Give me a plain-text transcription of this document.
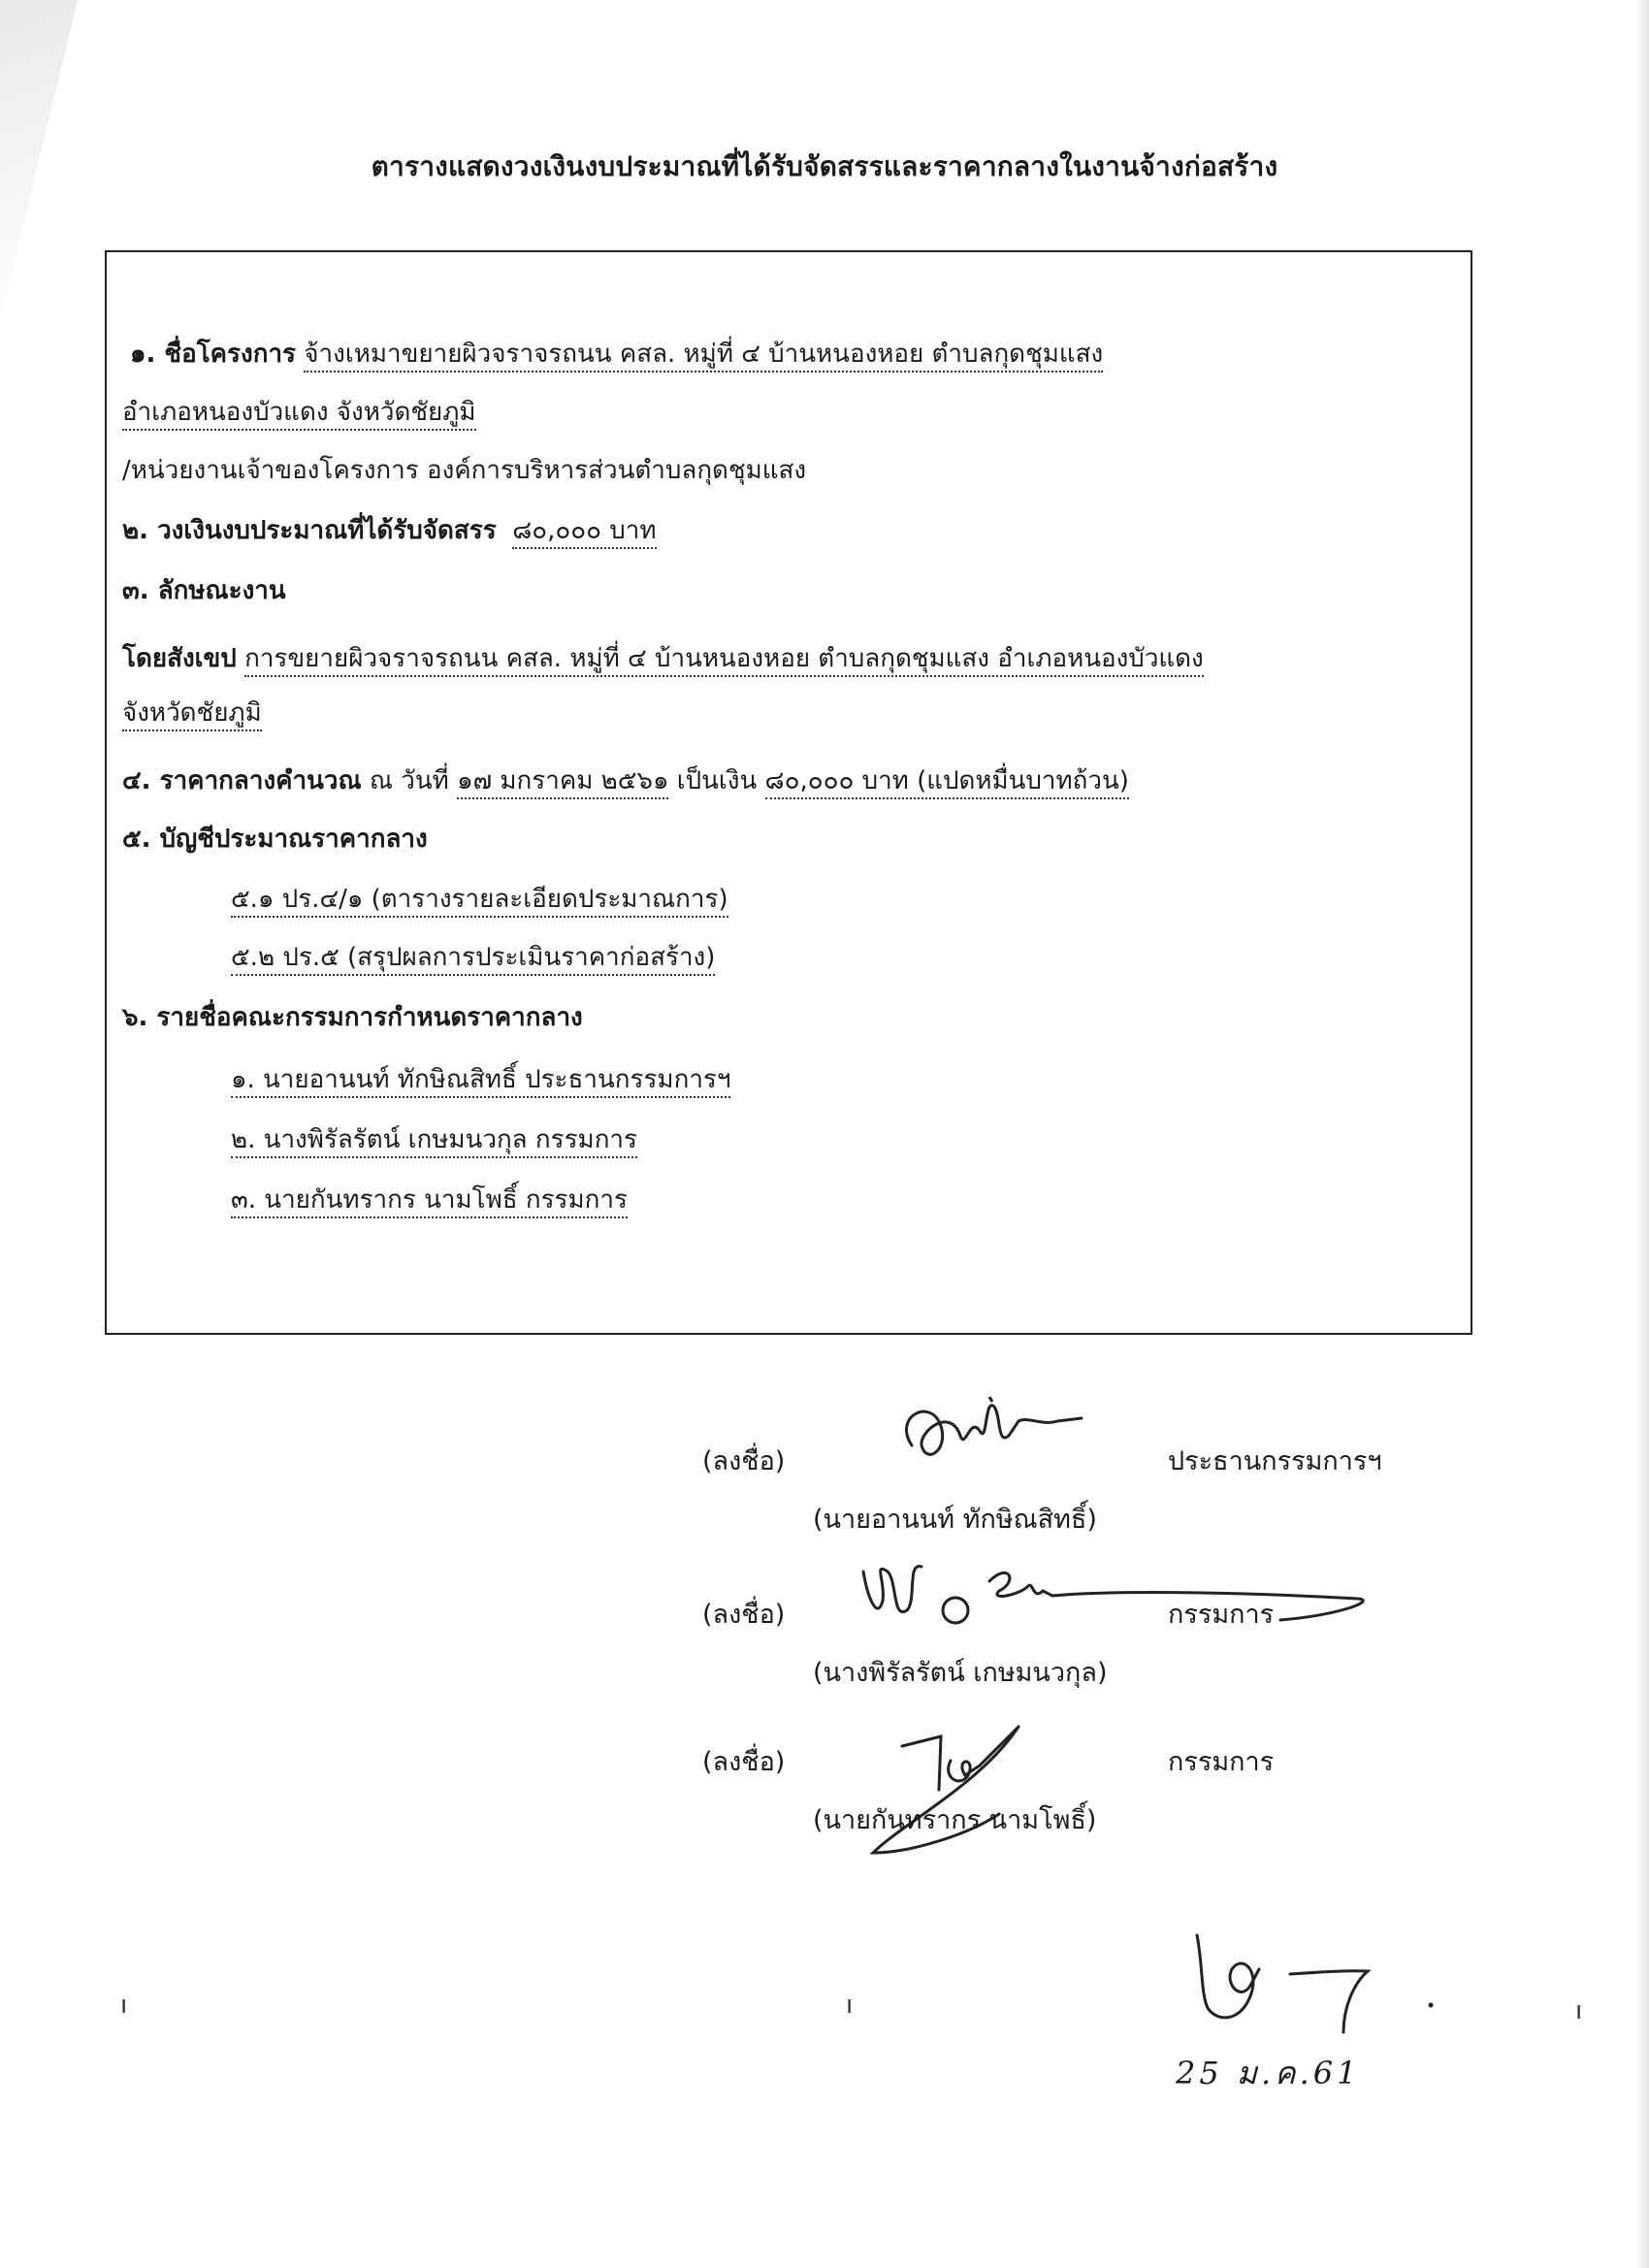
ตารางแสดงวงเงินงบประมาณที่ได้รับจัดสรรและราคากลางในงานจ้างก่อสร้าง
๑. ชื่อโครงการ จ้างเหมาขยายผิวจราจรถนน คสล. หมู่ที่ ๔ บ้านหนองหอย ตำบลกุดชุมแสง
อำเภอหนองบัวแดง จังหวัดชัยภูมิ
/หน่วยงานเจ้าของโครงการ องค์การบริหารส่วนตำบลกุดชุมแสง
๒. วงเงินงบประมาณที่ได้รับจัดสรร ๘๐,๐๐๐ บาท
๓. ลักษณะงาน
โดยสังเขป การขยายผิวจราจรถนน คสล. หมู่ที่ ๔ บ้านหนองหอย ตำบลกุดชุมแสง อำเภอหนองบัวแดง
จังหวัดชัยภูมิ
๔. ราคากลางคำนวณ ณ วันที่ ๑๗ มกราคม ๒๕๖๑ เป็นเงิน ๘๐,๐๐๐ บาท (แปดหมื่นบาทถ้วน)
๕. บัญชีประมาณราคากลาง
๕.๑ ปร.๔/๑ (ตารางรายละเอียดประมาณการ)
๕.๒ ปร.๕ (สรุปผลการประเมินราคาก่อสร้าง)
๖. รายชื่อคณะกรรมการกำหนดราคากลาง
๑. นายอานนท์ ทักษิณสิทธิ์ ประธานกรรมการฯ
๒. นางพิรัลรัตน์ เกษมนวกุล กรรมการ
๓. นายกันทรากร นามโพธิ์ กรรมการ
(ลงชื่อ)	ประธานกรรมการฯ
(นายอานนท์ ทักษิณสิทธิ์)
(ลงชื่อ)	กรรมการ
(นางพิรัลรัตน์ เกษมนวกุล)
(ลงชื่อ)	กรรมการ
(นายกันทรากร นามโพธิ์)
25 ม.ค.61
ı	ı	ı
